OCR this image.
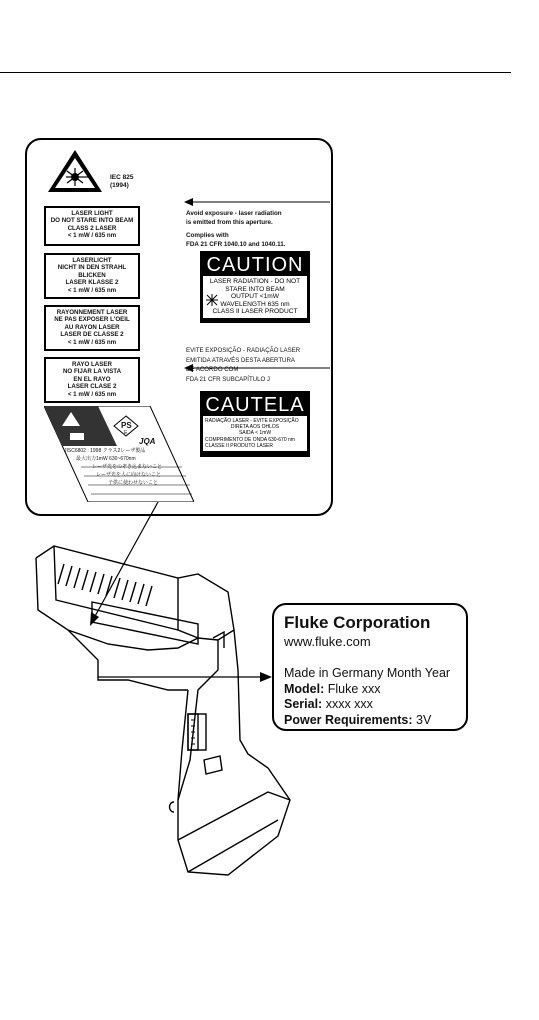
IEC 825
(1994)
LASER LIGHT
DO NOT STARE INTO BEAM
CLASS 2 LASER
< 1 mW / 635 nm
LASERLICHT
NICHT IN DEN STRAHL
BLICKEN
LASER KLASSE 2
< 1 mW / 635 nm
RAYONNEMENT LASER
NE PAS EXPOSER L'OEIL
AU RAYON LASER
LASER DE CLASSE 2
< 1 mW / 635 nm
RAYO LASER
NO FIJAR LA VISTA
EN EL RAYO
LASER CLASE 2
< 1 mW / 635 nm
Avoid exposure - laser radiation
is emitted from this aperture.
Complies with
FDA 21 CFR 1040.10 and 1040.11.
CAUTION
LASER RADIATION - DO NOT
STARE INTO BEAM
OUTPUT <1mW
WAVELENGTH 635 nm
CLASS II LASER PRODUCT
EVITE EXPOSIÇÃO - RADIAÇÃO LASER
EMITIDA ATRAVÉS DESTA ABERTURA
DE ACORDO COM
FDA 21 CFR SUBCAPÍTULO J
CAUTELA
RADIAÇÃO LASER - EVITE EXPOSIÇÃO
DIRETA AOS OHLOS
SAIDA < 1mW
COMPRIMENTO DE ONDA 630-670 nm
CLASSE II PRODUTO LASER
PS
E
JQA
JISC6802 : 1998 クラス2レーザ製品
最大出力1mW 630~670nm
レーザ光をのぞき込まないこと
レーザ光を人に向けないこと
子供に使わせないこと
Fluke Corporation
www.fluke.com
Made in Germany Month Year
Model: Fluke xxx
Serial: xxxx xxx
Power Requirements: 3V
